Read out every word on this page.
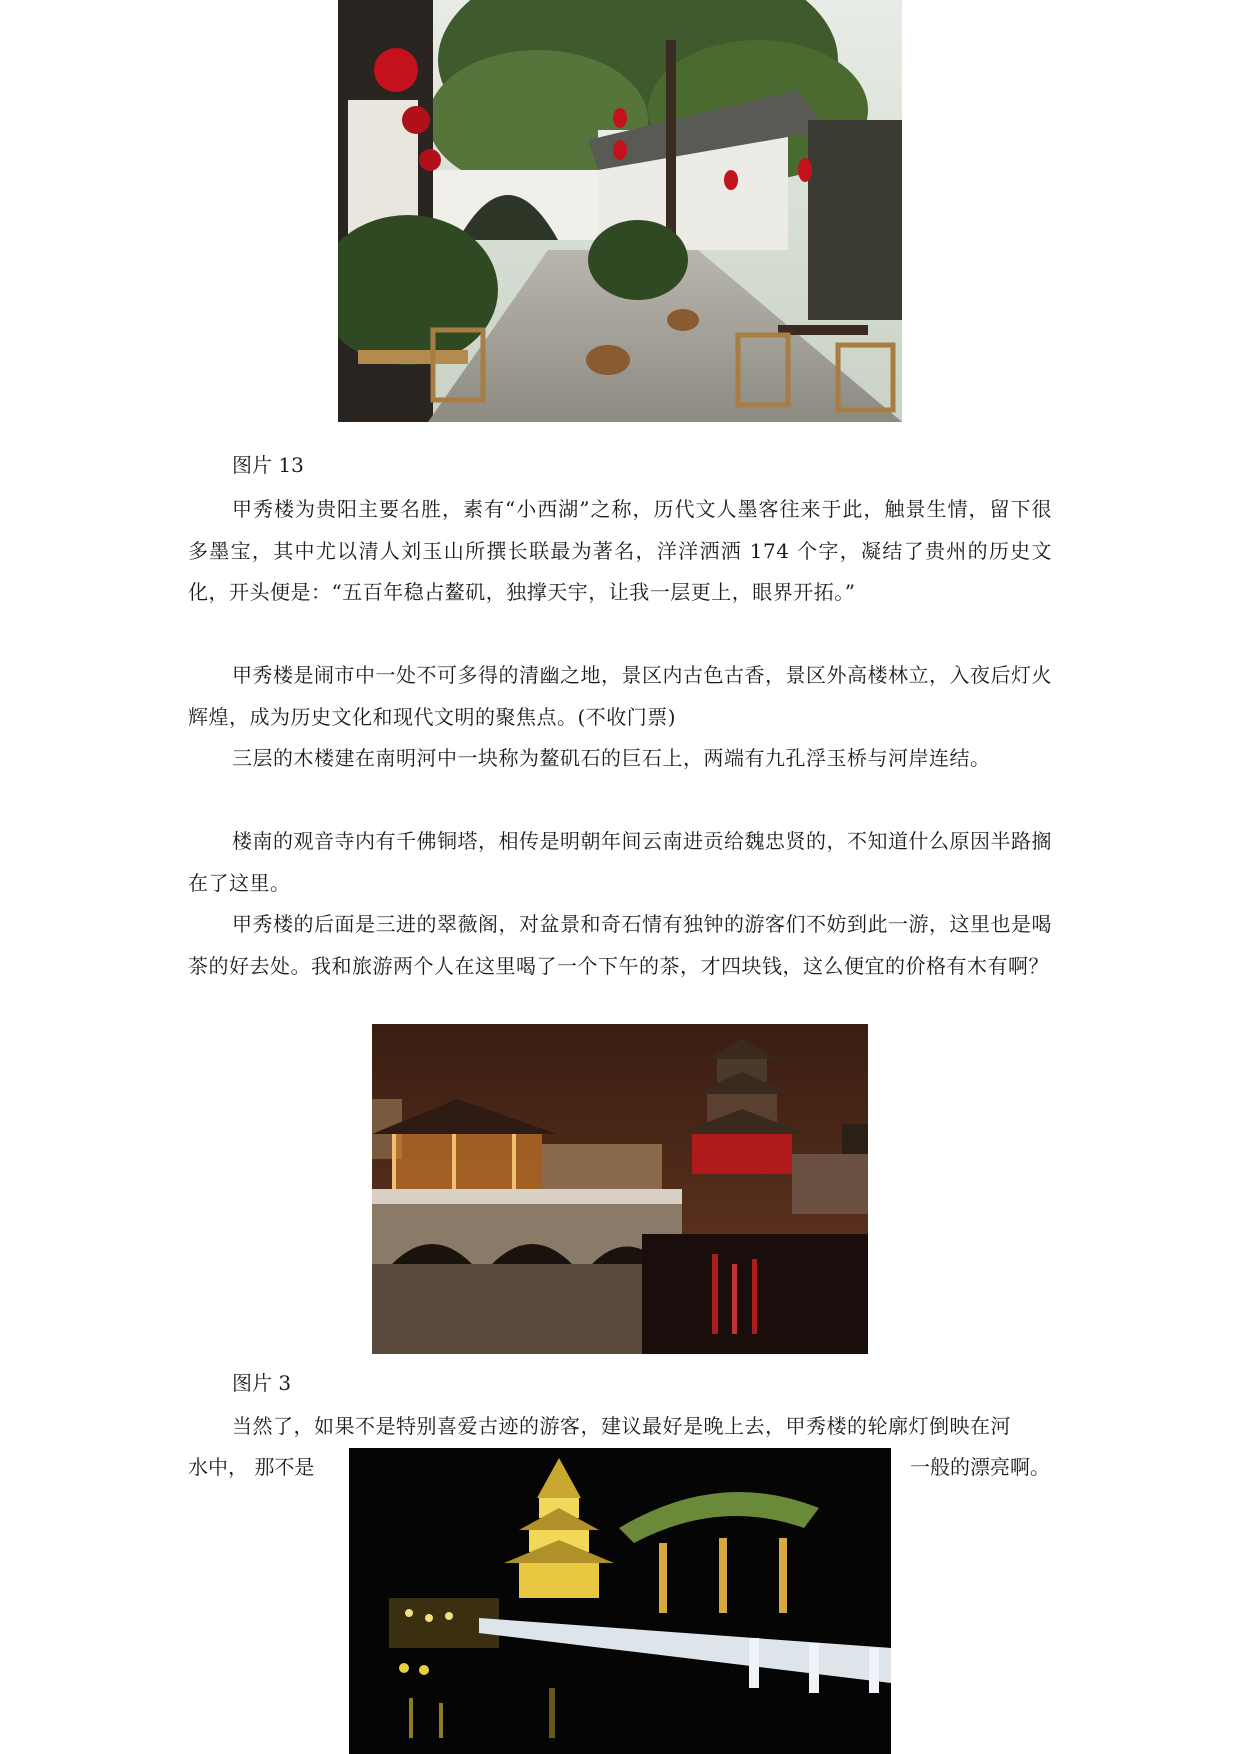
图片 13
甲秀楼为贵阳主要名胜，素有“小西湖”之称，历代文人墨客往来于此，触景生情，留下很多墨宝，其中尤以清人刘玉山所撰长联最为著名，洋洋洒洒 174 个字，凝结了贵州的历史文化，开头便是：“五百年稳占鳌矶，独撑天宇，让我一层更上，眼界开拓。”
甲秀楼是闹市中一处不可多得的清幽之地，景区内古色古香，景区外高楼林立，入夜后灯火辉煌，成为历史文化和现代文明的聚焦点。(不收门票)
三层的木楼建在南明河中一块称为鳌矶石的巨石上，两端有九孔浮玉桥与河岸连结。
楼南的观音寺内有千佛铜塔，相传是明朝年间云南进贡给魏忠贤的，不知道什么原因半路搁在了这里。
甲秀楼的后面是三进的翠薇阁，对盆景和奇石情有独钟的游客们不妨到此一游，这里也是喝茶的好去处。我和旅游两个人在这里喝了一个下午的茶，才四块钱，这么便宜的价格有木有啊？
图片 3
当然了，如果不是特别喜爱古迹的游客，建议最好是晚上去，甲秀楼的轮廓灯倒映在河
水中， 那不是	一般的漂亮啊。
